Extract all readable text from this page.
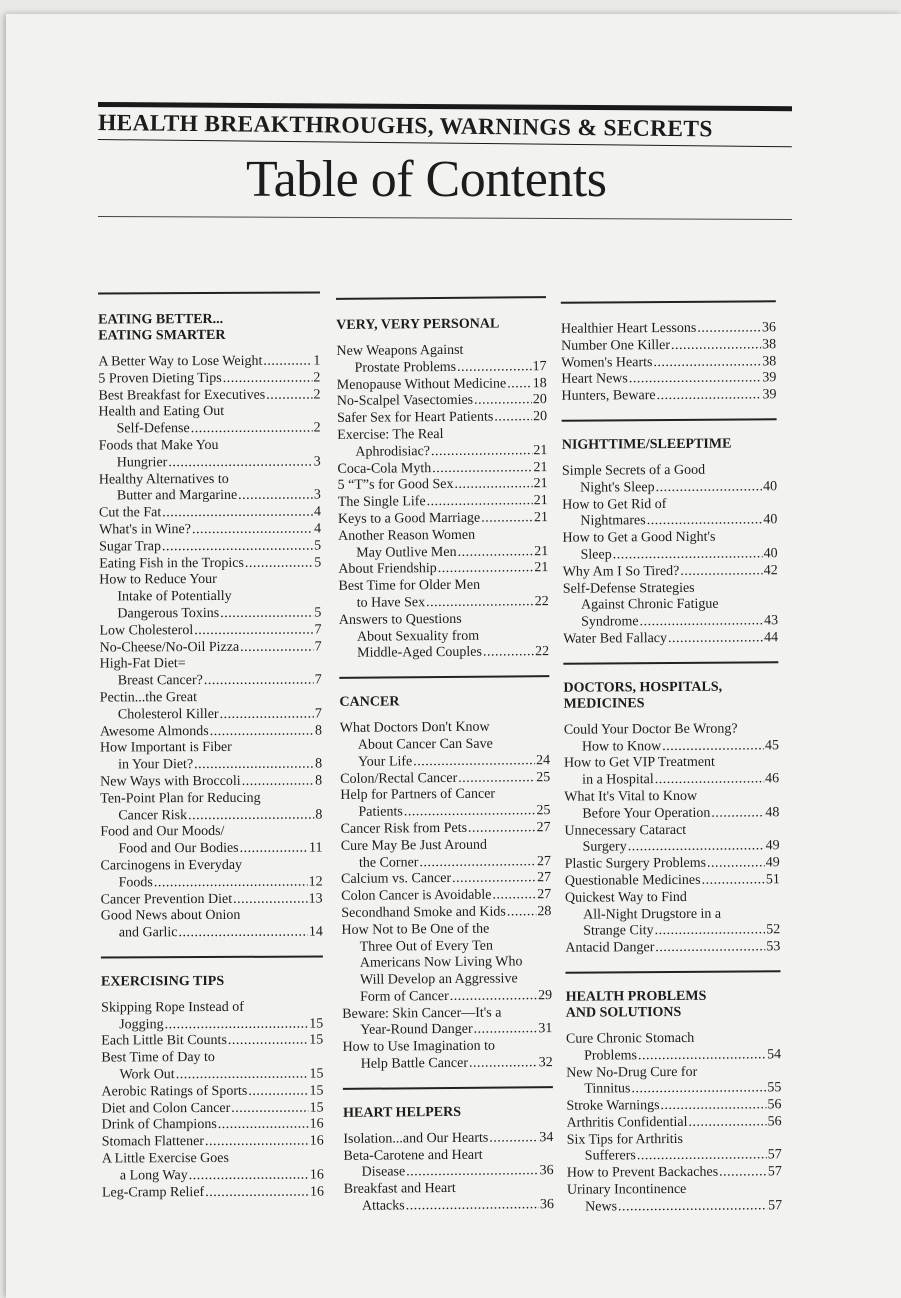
HEALTH BREAKTHROUGHS, WARNINGS & SECRETS
Table of Contents
EATING BETTER...
EATING SMARTER
A Better Way to Lose Weight .....	1
5 Proven Dieting Tips .....	2
Best Breakfast for Executives .....	2
Health and Eating Out
Self-Defense .....	2
Foods that Make You
Hungrier .....	3
Healthy Alternatives to
Butter and Margarine .....	3
Cut the Fat .....	4
What's in Wine? .....	4
Sugar Trap .....	5
Eating Fish in the Tropics .....	5
How to Reduce Your
Intake of Potentially
Dangerous Toxins .....	5
Low Cholesterol .....	7
No-Cheese/No-Oil Pizza .....	7
High-Fat Diet=
Breast Cancer? .....	7
Pectin...the Great
Cholesterol Killer .....	7
Awesome Almonds .....	8
How Important is Fiber
in Your Diet? .....	8
New Ways with Broccoli .....	8
Ten-Point Plan for Reducing
Cancer Risk .....	8
Food and Our Moods/
Food and Our Bodies .....	11
Carcinogens in Everyday
Foods .....	12
Cancer Prevention Diet .....	13
Good News about Onion
and Garlic .....	14
EXERCISING TIPS
Skipping Rope Instead of
Jogging .....	15
Each Little Bit Counts .....	15
Best Time of Day to
Work Out .....	15
Aerobic Ratings of Sports .....	15
Diet and Colon Cancer .....	15
Drink of Champions .....	16
Stomach Flattener .....	16
A Little Exercise Goes
a Long Way .....	16
Leg-Cramp Relief .....	16
VERY, VERY PERSONAL
New Weapons Against
Prostate Problems .....	17
Menopause Without Medicine ..... 18
No-Scalpel Vasectomies .....	20
Safer Sex for Heart Patients .....	20
Exercise: The Real
Aphrodisiac? .....	21
Coca-Cola Myth .....	21
5 “T”s for Good Sex .....	21
The Single Life .....	21
Keys to a Good Marriage .....	21
Another Reason Women
May Outlive Men .....	21
About Friendship .....	21
Best Time for Older Men
to Have Sex .....	22
Answers to Questions
About Sexuality from
Middle-Aged Couples .....	22
CANCER
What Doctors Don't Know
About Cancer Can Save
Your Life .....	24
Colon/Rectal Cancer .....	25
Help for Partners of Cancer
Patients .....	25
Cancer Risk from Pets .....	27
Cure May Be Just Around
the Corner .....	27
Calcium vs. Cancer .....	27
Colon Cancer is Avoidable .....	27
Secondhand Smoke and Kids ..... 28
How Not to Be One of the
Three Out of Every Ten
Americans Now Living Who
Will Develop an Aggressive
Form of Cancer .....	29
Beware: Skin Cancer—It's a
Year-Round Danger .....	31
How to Use Imagination to
Help Battle Cancer .....	32
HEART HELPERS
Isolation...and Our Hearts .....	34
Beta-Carotene and Heart
Disease .....	36
Breakfast and Heart
Attacks .....	36
Healthier Heart Lessons .....	36
Number One Killer .....	38
Women's Hearts .....	38
Heart News .....	39
Hunters, Beware .....	39
NIGHTTIME/SLEEPTIME
Simple Secrets of a Good
Night's Sleep .....	40
How to Get Rid of
Nightmares .....	40
How to Get a Good Night's
Sleep .....	40
Why Am I So Tired? .....	42
Self-Defense Strategies
Against Chronic Fatigue
Syndrome .....	43
Water Bed Fallacy .....	44
DOCTORS, HOSPITALS,
MEDICINES
Could Your Doctor Be Wrong?
How to Know .....	45
How to Get VIP Treatment
in a Hospital .....	46
What It's Vital to Know
Before Your Operation .....	48
Unnecessary Cataract
Surgery .....	49
Plastic Surgery Problems .....	49
Questionable Medicines .....	51
Quickest Way to Find
All-Night Drugstore in a
Strange City .....	52
Antacid Danger .....	53
HEALTH PROBLEMS
AND SOLUTIONS
Cure Chronic Stomach
Problems .....	54
New No-Drug Cure for
Tinnitus .....	55
Stroke Warnings .....	56
Arthritis Confidential .....	56
Six Tips for Arthritis
Sufferers .....	57
How to Prevent Backaches .....	57
Urinary Incontinence
News .....	57
